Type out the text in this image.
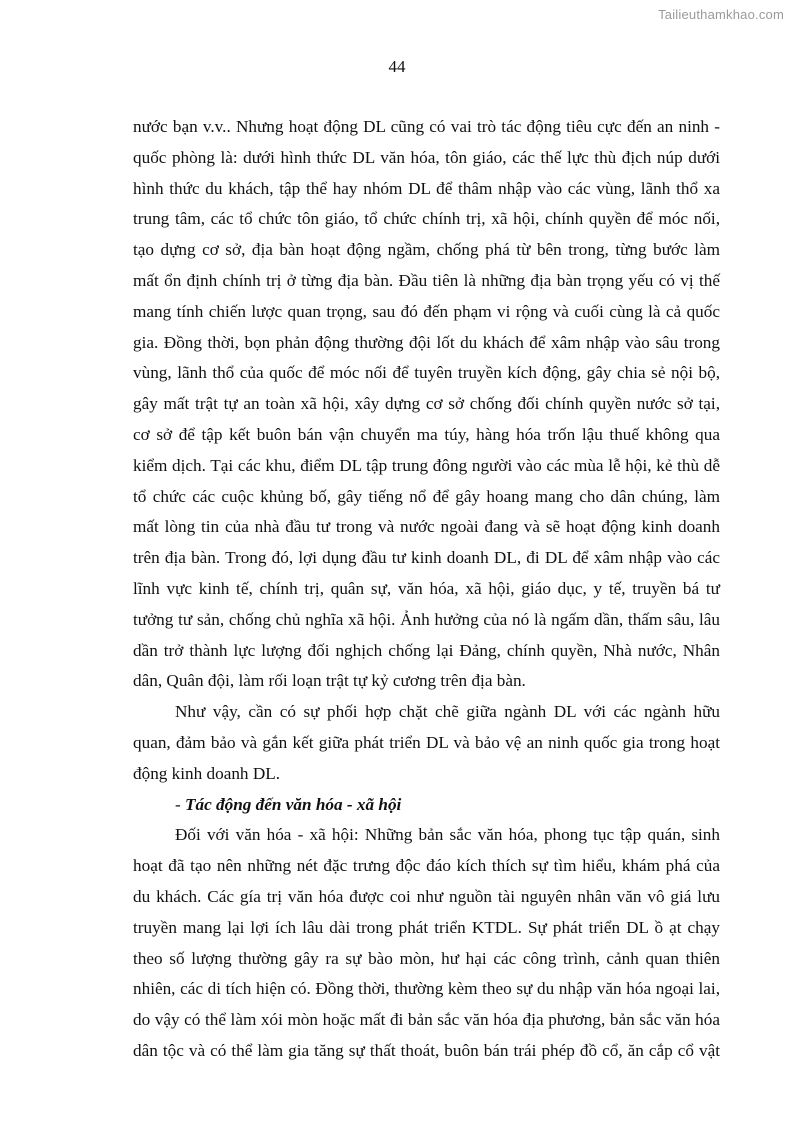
Tailieuthamkhao.com
44
nước bạn v.v.. Nhưng hoạt động DL cũng có vai trò tác động tiêu cực đến an ninh -
quốc phòng là: dưới hình thức DL văn hóa, tôn giáo, các thế lực thù địch núp dưới
hình thức du khách, tập thể hay nhóm DL để thâm nhập vào các vùng, lãnh thổ xa
trung tâm, các tổ chức tôn giáo, tổ chức chính trị, xã hội, chính quyền để móc nối,
tạo dựng cơ sở, địa bàn hoạt động ngầm, chống phá từ bên trong, từng bước làm
mất ổn định chính trị ở từng địa bàn. Đầu tiên là những địa bàn trọng yếu có vị thế
mang tính chiến lược quan trọng, sau đó đến phạm vi rộng và cuối cùng là cả quốc
gia. Đồng thời, bọn phản động thường đội lốt du khách để xâm nhập vào sâu trong
vùng, lãnh thổ của quốc để móc nối để tuyên truyền kích động, gây chia sẻ nội bộ,
gây mất trật tự an toàn xã hội, xây dựng cơ sở chống đối chính quyền nước sở tại,
cơ sở để tập kết buôn bán vận chuyển ma túy, hàng hóa trốn lậu thuế không qua
kiểm dịch. Tại các khu, điểm DL tập trung đông người vào các mùa lễ hội, kẻ thù dễ
tổ chức các cuộc khủng bố, gây tiếng nổ để gây hoang mang cho dân chúng, làm
mất lòng tin của nhà đầu tư trong và nước ngoài đang và sẽ hoạt động kinh doanh
trên địa bàn. Trong đó, lợi dụng đầu tư kinh doanh DL, đi DL để xâm nhập vào các
lĩnh vực kinh tế, chính trị, quân sự, văn hóa, xã hội, giáo dục, y tế, truyền bá tư
tưởng tư sản, chống chủ nghĩa xã hội. Ảnh hưởng của nó là ngấm dần, thấm sâu, lâu
dần trở thành lực lượng đối nghịch chống lại Đảng, chính quyền, Nhà nước, Nhân
dân, Quân đội, làm rối loạn trật tự kỷ cương trên địa bàn.
Như vậy, cần có sự phối hợp chặt chẽ giữa ngành DL với các ngành hữu
quan, đảm bảo và gắn kết giữa phát triển DL và bảo vệ an ninh quốc gia trong hoạt
động kinh doanh DL.
- Tác động đến văn hóa - xã hội
Đối với văn hóa - xã hội: Những bản sắc văn hóa, phong tục tập quán, sinh
hoạt đã tạo nên những nét đặc trưng độc đáo kích thích sự tìm hiểu, khám phá của
du khách. Các gía trị văn hóa được coi như nguồn tài nguyên nhân văn vô giá lưu
truyền mang lại lợi ích lâu dài trong phát triển KTDL. Sự phát triển DL ồ ạt chạy
theo số lượng thường gây ra sự bào mòn, hư hại các công trình, cảnh quan thiên
nhiên, các di tích hiện có. Đồng thời, thường kèm theo sự du nhập văn hóa ngoại lai,
do vậy có thể làm xói mòn hoặc mất đi bản sắc văn hóa địa phương, bản sắc văn hóa
dân tộc và có thể làm gia tăng sự thất thoát, buôn bán trái phép đồ cổ, ăn cắp cổ vật
